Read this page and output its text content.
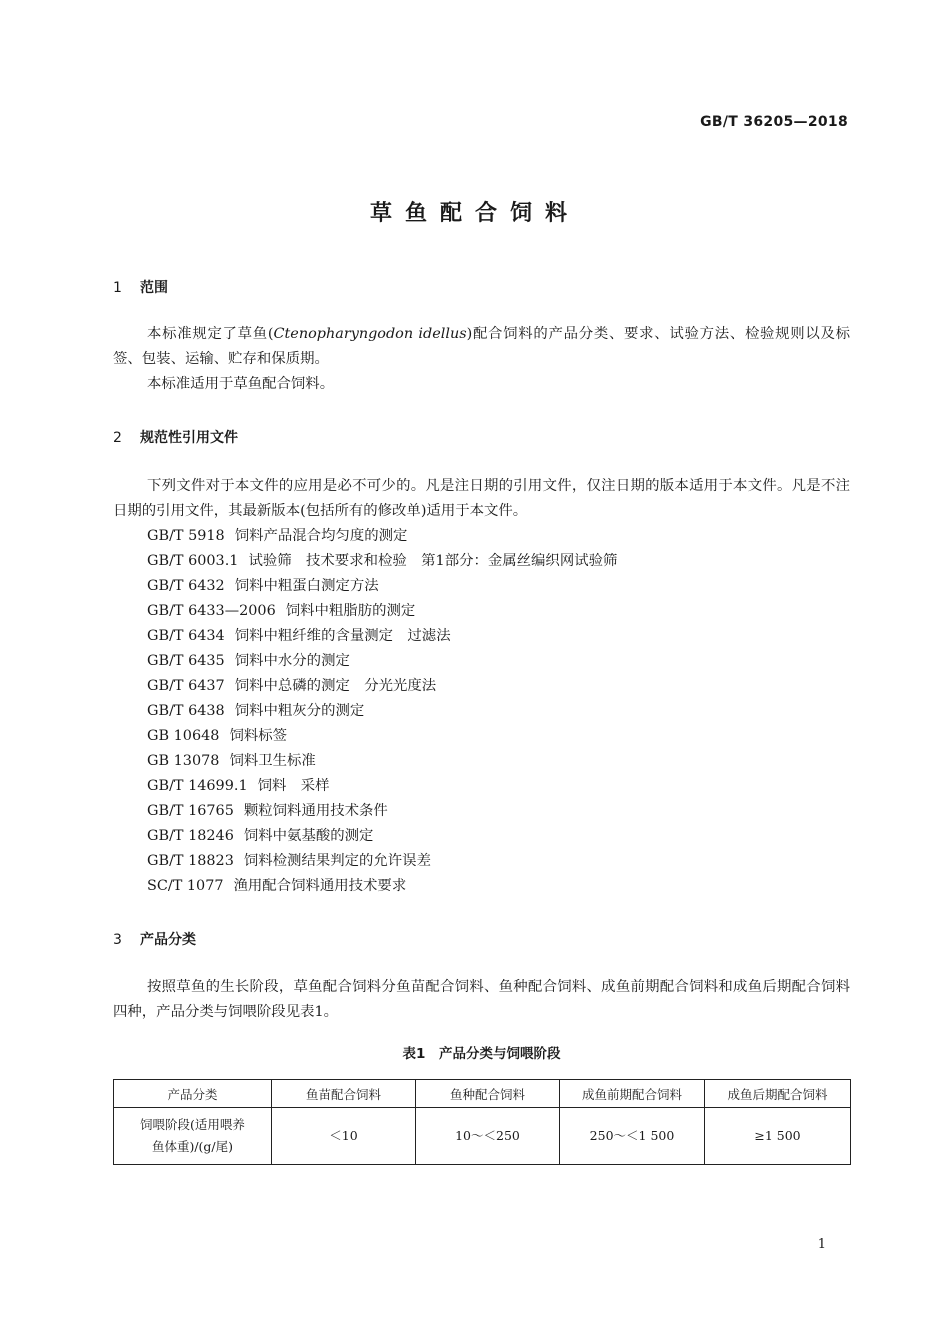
GB/T 36205—2018
草鱼配合饲料
1 范围
本标准规定了草鱼(Ctenopharyngodon idellus)配合饲料的产品分类、要求、试验方法、检验规则以及标签、包装、运输、贮存和保质期。
本标准适用于草鱼配合饲料。
2 规范性引用文件
下列文件对于本文件的应用是必不可少的。凡是注日期的引用文件，仅注日期的版本适用于本文件。凡是不注日期的引用文件，其最新版本(包括所有的修改单)适用于本文件。
GB/T 5918 饲料产品混合均匀度的测定
GB/T 6003.1 试验筛　技术要求和检验　第1部分：金属丝编织网试验筛
GB/T 6432 饲料中粗蛋白测定方法
GB/T 6433—2006 饲料中粗脂肪的测定
GB/T 6434 饲料中粗纤维的含量测定　过滤法
GB/T 6435 饲料中水分的测定
GB/T 6437 饲料中总磷的测定　分光光度法
GB/T 6438 饲料中粗灰分的测定
GB 10648 饲料标签
GB 13078 饲料卫生标准
GB/T 14699.1 饲料　采样
GB/T 16765 颗粒饲料通用技术条件
GB/T 18246 饲料中氨基酸的测定
GB/T 18823 饲料检测结果判定的允许误差
SC/T 1077 渔用配合饲料通用技术要求
3 产品分类
按照草鱼的生长阶段，草鱼配合饲料分鱼苗配合饲料、鱼种配合饲料、成鱼前期配合饲料和成鱼后期配合饲料四种，产品分类与饲喂阶段见表1。
表1　产品分类与饲喂阶段
产品分类	鱼苗配合饲料	鱼种配合饲料	成鱼前期配合饲料	成鱼后期配合饲料

饲喂阶段(适用喂养
鱼体重)/(g/尾)	＜10	10～＜250	250～＜1 500	≥1 500
1
